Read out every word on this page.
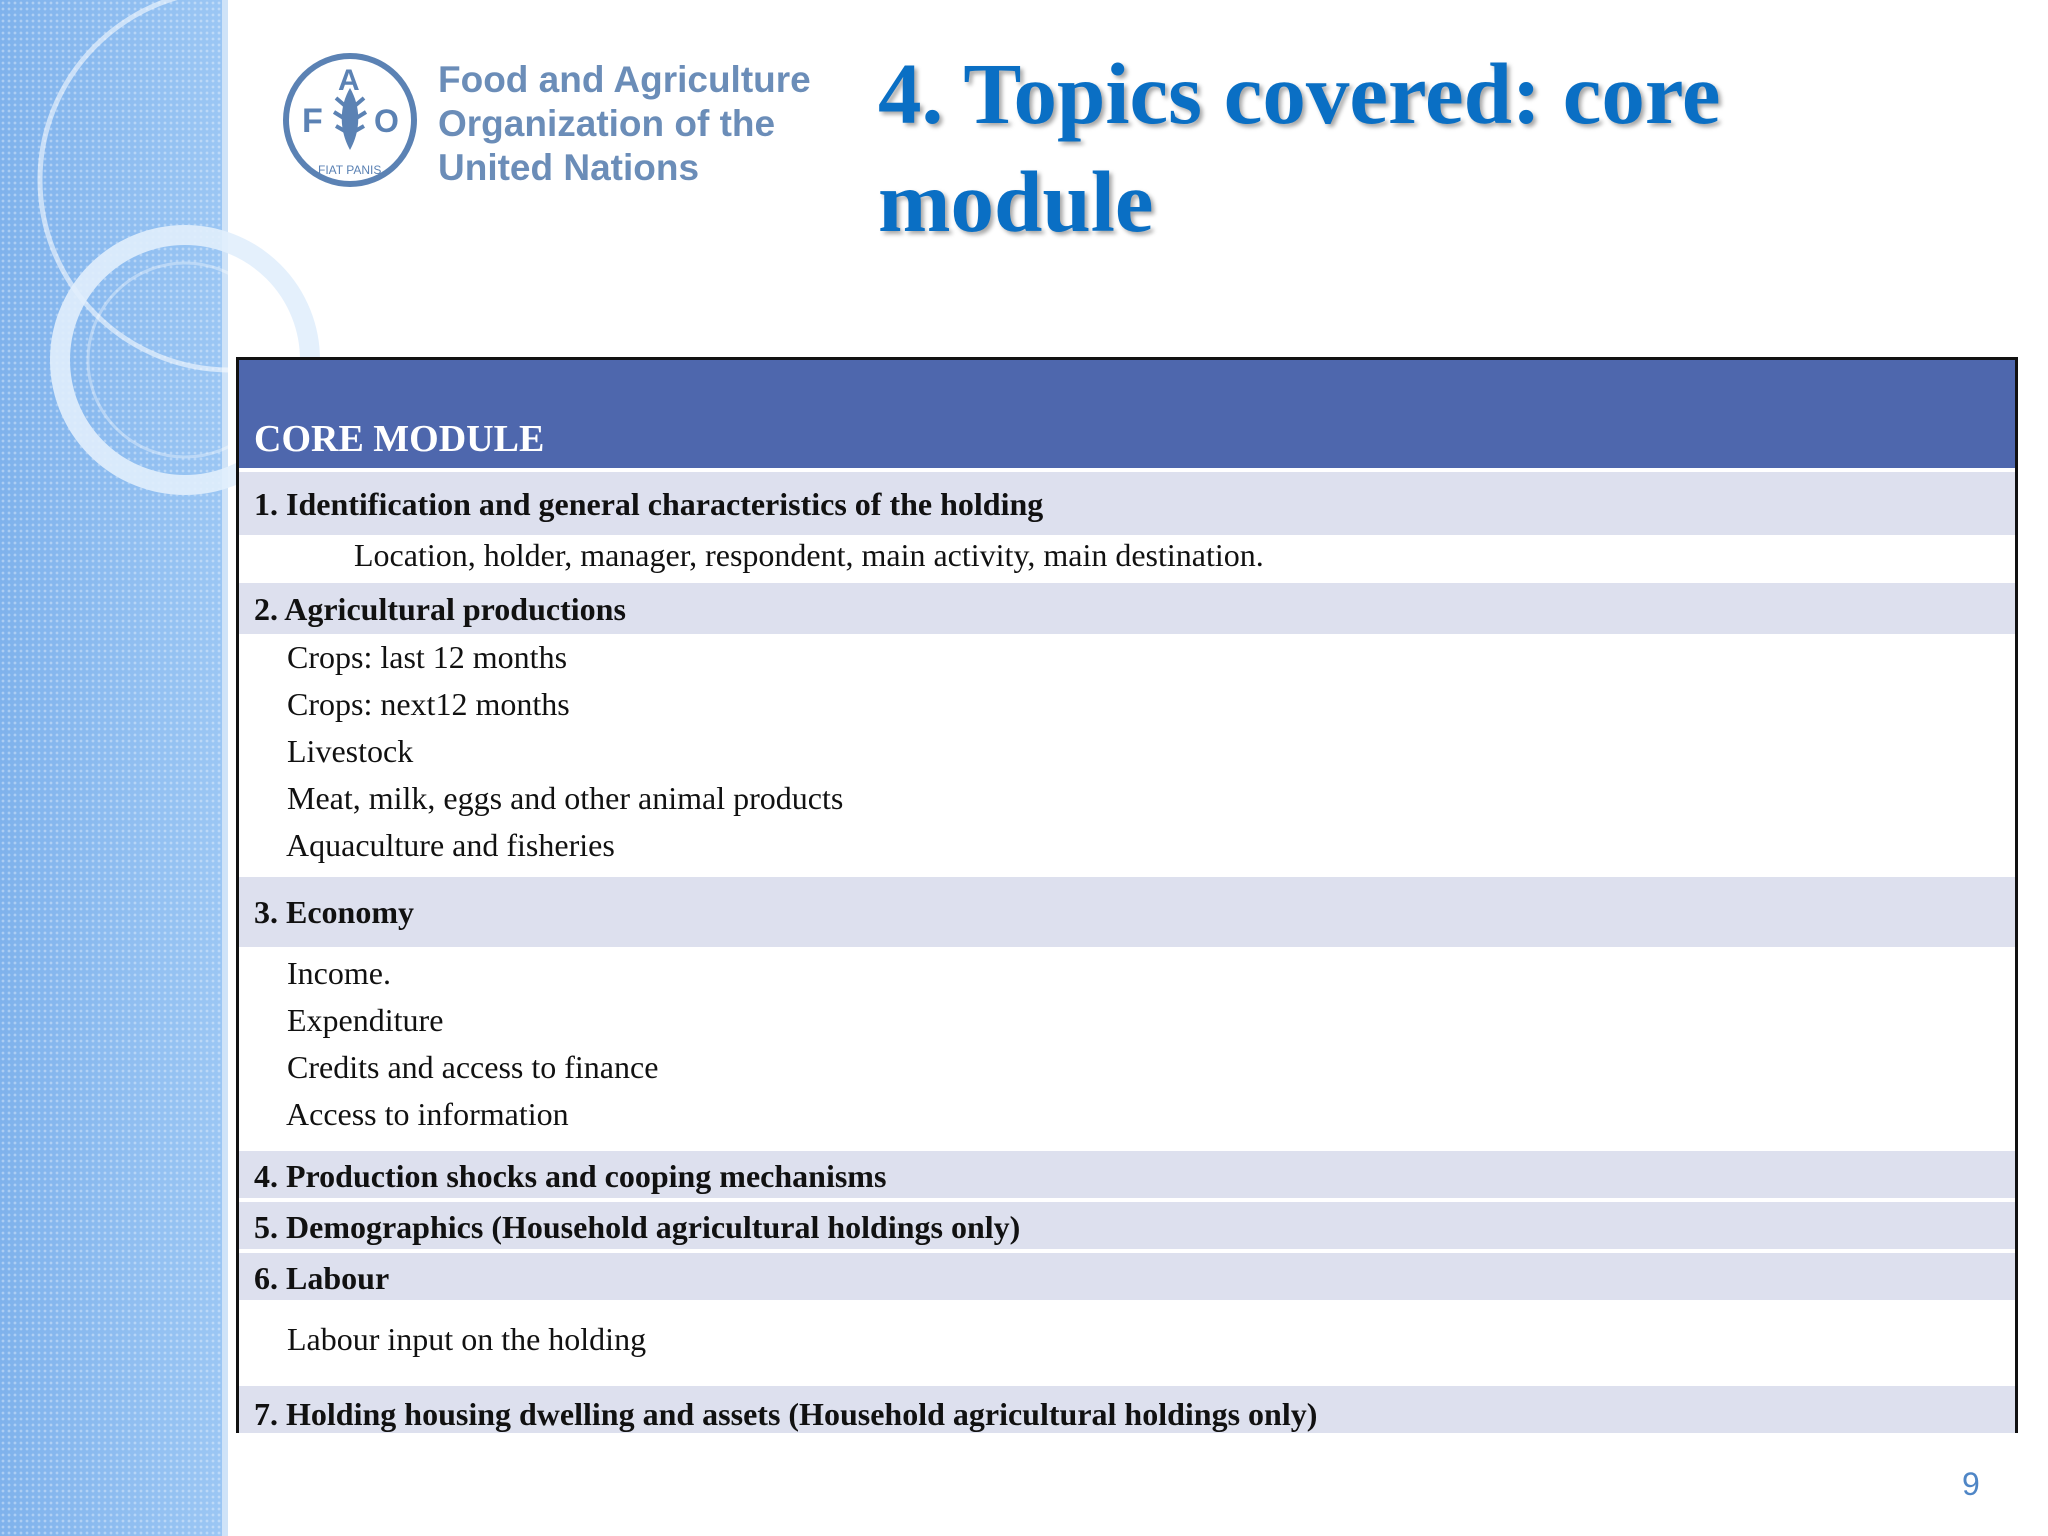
F
A
O
FIAT PANIS
Food and Agriculture
Organization of the
United Nations
4. Topics covered: core
module
CORE MODULE
1. Identification and general characteristics of the holding
Location, holder, manager, respondent, main activity, main destination.
2. Agricultural productions
Crops: last 12 months
Crops: next12 months
Livestock
Meat, milk, eggs and other animal products
Aquaculture and fisheries
3. Economy
Income.
Expenditure
Credits and access to finance
Access to information
4. Production shocks and cooping mechanisms
5. Demographics (Household agricultural holdings only)
6. Labour
Labour input on the holding
7. Holding housing dwelling and assets (Household agricultural holdings only)
9
